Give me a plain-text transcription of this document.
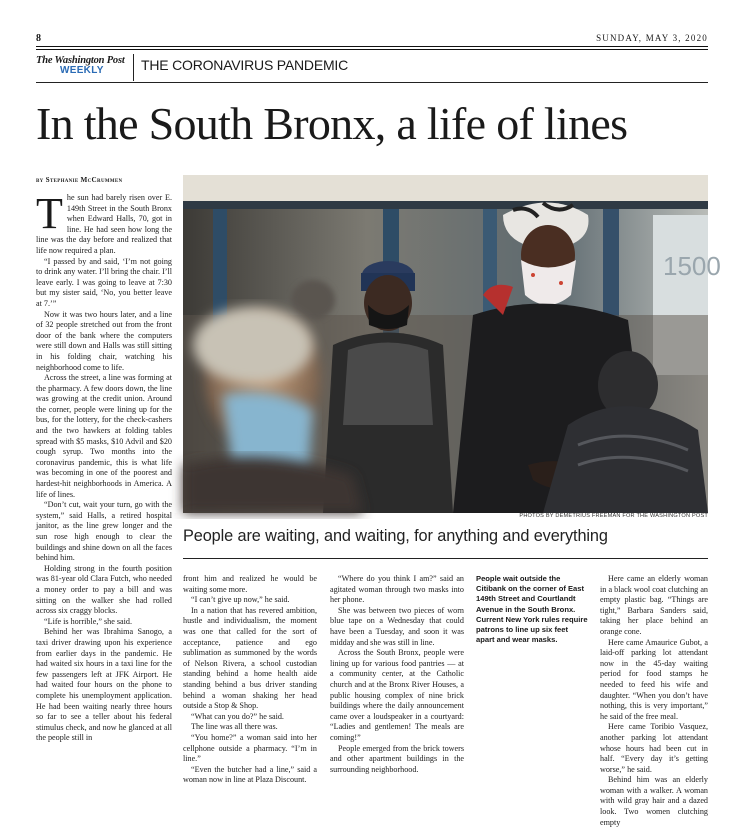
8	SUNDAY, MAY 3, 2020
The Washington Post
WEEKLY	THE CORONAVIRUS PANDEMIC
In the South Bronx, a life of lines
by Stephanie McCrummen

The sun had barely risen over E. 149th Street in the South Bronx when Edward Halls, 70, got in line. He had seen how long the line was the day before and realized that life now required a plan.

“I passed by and said, ‘I’m not going to drink any water. I’ll bring the chair. I’ll leave early. I was going to leave at 7:30 but my sister said, ‘No, you better leave at 7.’”

Now it was two hours later, and a line of 32 people stretched out from the front door of the bank where the computers were still down and Halls was still sitting in his folding chair, watching his neighborhood come to life.

Across the street, a line was forming at the pharmacy. A few doors down, the line was growing at the credit union. Around the corner, people were lining up for the bus, for the lottery, for the check-cashers and the two hawkers at folding tables spread with $5 masks, $10 Advil and $20 cough syrup. Two months into the coronavirus pandemic, this is what life was becoming in one of the poorest and hardest-hit neighborhoods in America. A life of lines.

“Don’t cut, wait your turn, go with the system,” said Halls, a retired hospital janitor, as the line grew longer and the sun rose high enough to clear the buildings and shine down on all the faces behind him.

Holding strong in the fourth position was 81-year old Clara Futch, who needed a money order to pay a bill and was sitting on the walker she had rolled across six craggy blocks.

“Life is horrible,” she said.

Behind her was Ibrahima Sanogo, a taxi driver drawing upon his experience from earlier days in the pandemic. He had waited six hours in a taxi line for the few passengers left at JFK Airport. He had waited four hours on the phone to complete his unemployment application. He had been waiting nearly three hours so far to see a teller about his federal stimulus check, and now he glanced at all the people still in

1500
PHOTOS BY DEMETRIUS FREEMAN FOR THE WASHINGTON POST
People are waiting, and waiting, for anything and everything

front him and realized he would be waiting some more.

“I can’t give up now,” he said.

In a nation that has revered ambition, hustle and individualism, the moment was one that called for the sort of acceptance, patience and ego sublimation as summoned by the words of Nelson Rivera, a school custodian standing behind a home health aide standing behind a bus driver standing behind a woman shaking her head outside a Stop & Shop.

“What can you do?” he said.

The line was all there was.

“You home?” a woman said into her cellphone outside a pharmacy. “I’m in line.”

“Even the butcher had a line,” said a woman now in line at Plaza Discount.

“Where do you think I am?” said an agitated woman through two masks into her phone.

She was between two pieces of worn blue tape on a Wednesday that could have been a Tuesday, and soon it was midday and she was still in line.

Across the South Bronx, people were lining up for various food pantries — at a community center, at the Catholic church and at the Bronx River Houses, a public housing complex of nine brick buildings where the daily announcement came over a loudspeaker in a courtyard: “Ladies and gentlemen! The meals are coming!”

People emerged from the brick towers and other apartment buildings in the surrounding neighborhood.

People wait outside the Citibank on the corner of East 149th Street and Courtlandt Avenue in the South Bronx. Current New York rules require patrons to line up six feet apart and wear masks.

Here came an elderly woman in a black wool coat clutching an empty plastic bag. “Things are tight,” Barbara Sanders said, taking her place behind an orange cone.

Here came Amaurice Gubot, a laid-off parking lot attendant now in the 45-day waiting period for food stamps he needed to feed his wife and daughter. “When you don’t have nothing, this is very important,” he said of the free meal.

Here came Toribio Vasquez, another parking lot attendant whose hours had been cut in half. “Every day it’s getting worse,” he said.

Behind him was an elderly woman with a walker. A woman with wild gray hair and a dazed look. Two women clutching empty
